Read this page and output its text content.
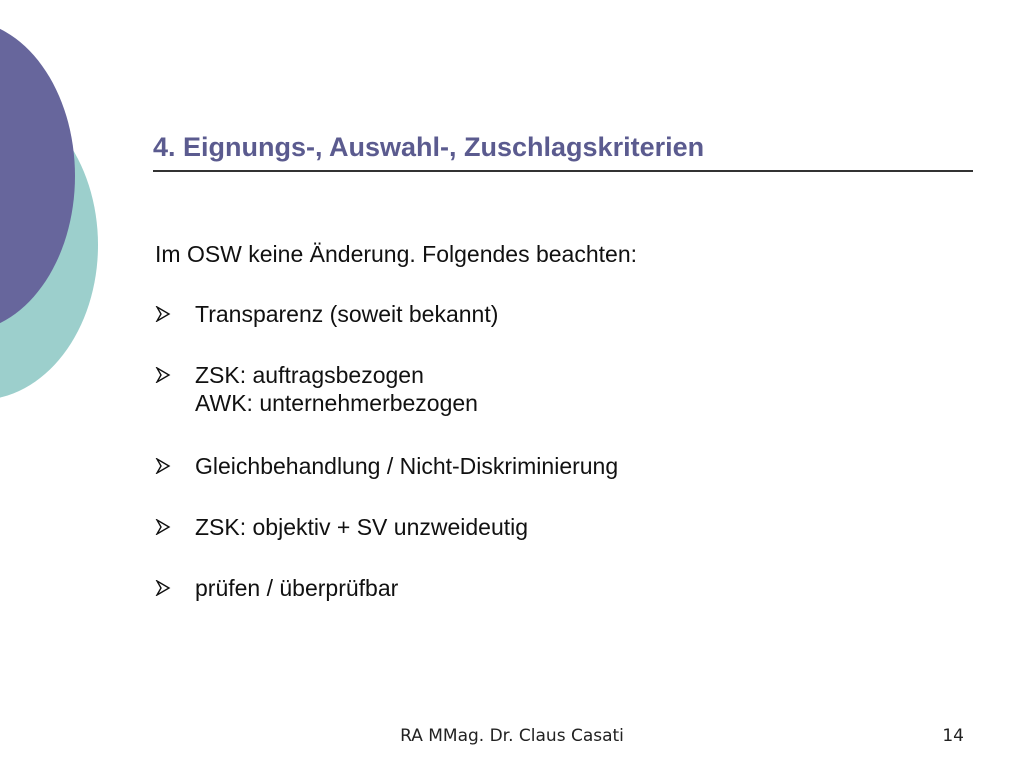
4. Eignungs-, Auswahl-, Zuschlagskriterien
Im OSW keine Änderung. Folgendes beachten:
Transparenz (soweit bekannt)
ZSK: auftragsbezogen
AWK: unternehmerbezogen
Gleichbehandlung / Nicht-Diskriminierung
ZSK: objektiv + SV unzweideutig
prüfen / überprüfbar
RA MMag. Dr. Claus Casati	14
